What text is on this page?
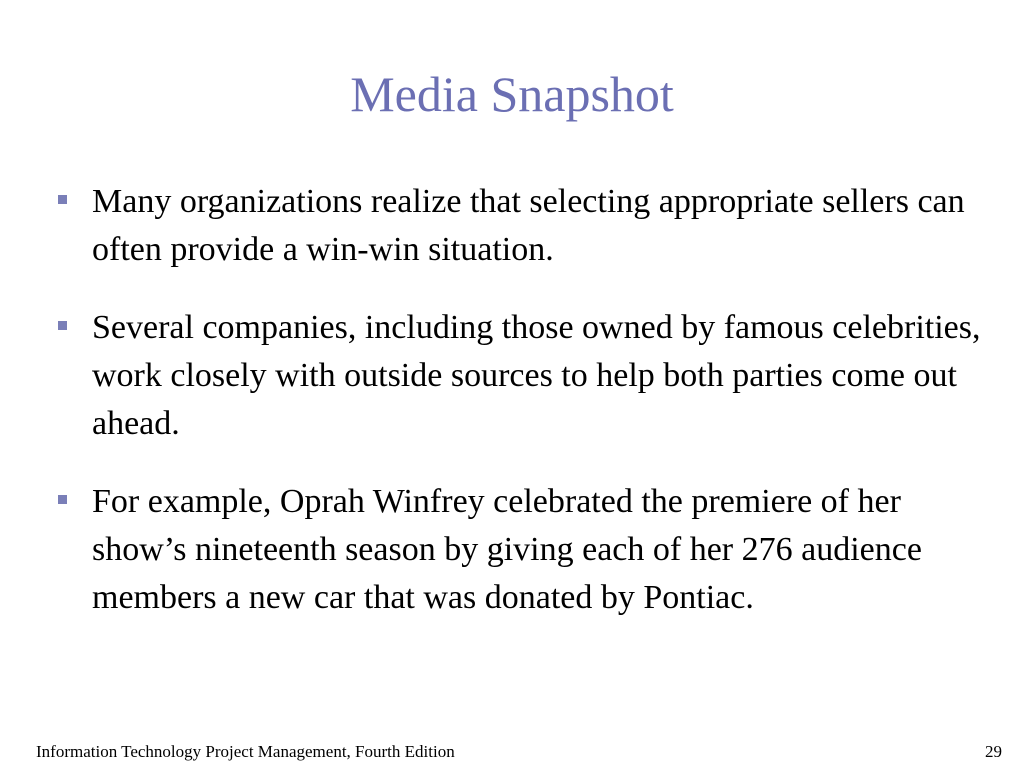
Media Snapshot
Many organizations realize that selecting appropriate sellers can often provide a win-win situation.
Several companies, including those owned by famous celebrities, work closely with outside sources to help both parties come out ahead.
For example, Oprah Winfrey celebrated the premiere of her show’s nineteenth season by giving each of her 276 audience members a new car that was donated by Pontiac.
Information Technology Project Management, Fourth Edition	29
